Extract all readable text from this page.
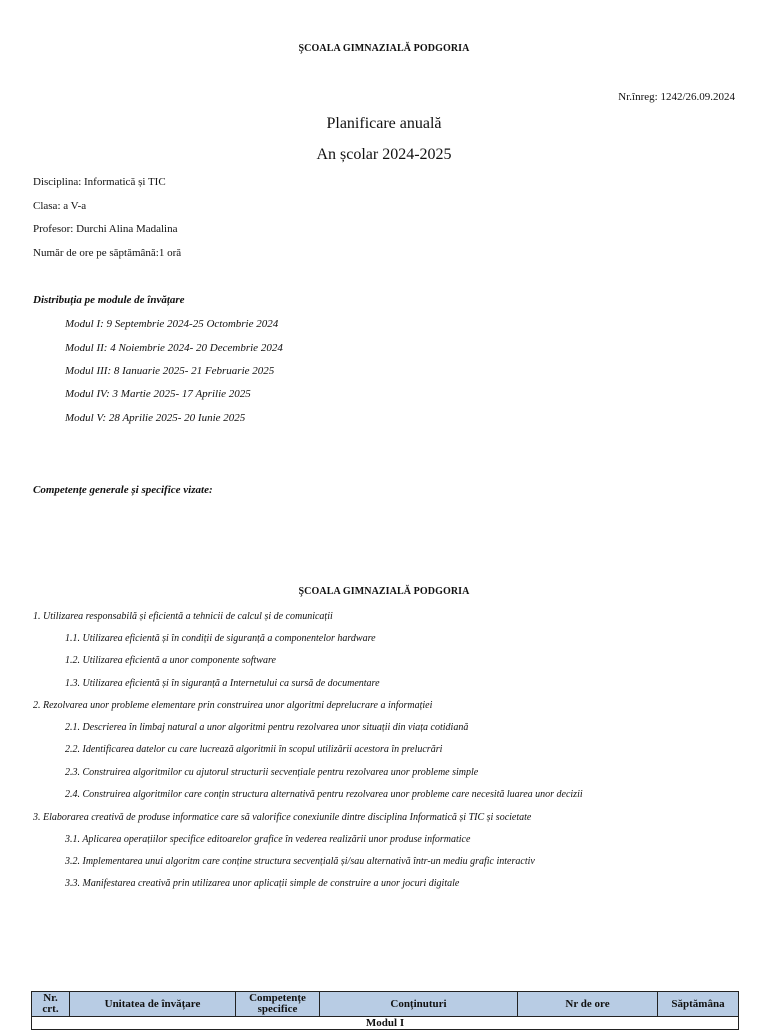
ŞCOALA GIMNAZIALĂ PODGORIA
Nr.înreg: 1242/26.09.2024
Planificare anuală
An școlar 2024-2025
Disciplina: Informatică și TIC
Clasa: a V-a
Profesor: Durchi Alina Madalina
Număr de ore pe săptămână:1 oră
Distribuția pe module de învățare
Modul I: 9 Septembrie 2024-25 Octombrie 2024
Modul II: 4 Noiembrie 2024- 20 Decembrie 2024
Modul III: 8 Ianuarie 2025- 21 Februarie 2025
Modul IV: 3 Martie 2025- 17 Aprilie 2025
Modul V: 28 Aprilie 2025- 20 Iunie 2025
Competențe generale și specifice vizate:
ŞCOALA GIMNAZIALĂ PODGORIA
1. Utilizarea responsabilă și eficientă a tehnicii de calcul și de comunicații
1.1. Utilizarea eficientă și în condiții de siguranță a componentelor hardware
1.2. Utilizarea eficientă a unor componente software
1.3. Utilizarea eficientă și în siguranță a Internetului ca sursă de documentare
2. Rezolvarea unor probleme elementare prin construirea unor algoritmi deprelucrare a informației
2.1. Descrierea în limbaj natural a unor algoritmi pentru rezolvarea unor situații din viața cotidiană
2.2. Identificarea datelor cu care lucrează algoritmii în scopul utilizării acestora în prelucrări
2.3. Construirea algoritmilor cu ajutorul structurii secvențiale pentru rezolvarea unor probleme simple
2.4. Construirea algoritmilor care conțin structura alternativă pentru rezolvarea unor probleme care necesită luarea unor decizii
3. Elaborarea creativă de produse informatice care să valorifice conexiunile dintre disciplina Informatică și TIC și societate
3.1. Aplicarea operațiilor specifice editoarelor grafice în vederea realizării unor produse informatice
3.2. Implementarea unui algoritm care conține structura secvențială și/sau alternativă într-un mediu grafic interactiv
3.3. Manifestarea creativă prin utilizarea unor aplicații simple de construire a unor jocuri digitale
Nr. crt.	Unitatea de învățare	Competențe specifice	Conținuturi	Nr de ore	Săptămâna
Modul I
